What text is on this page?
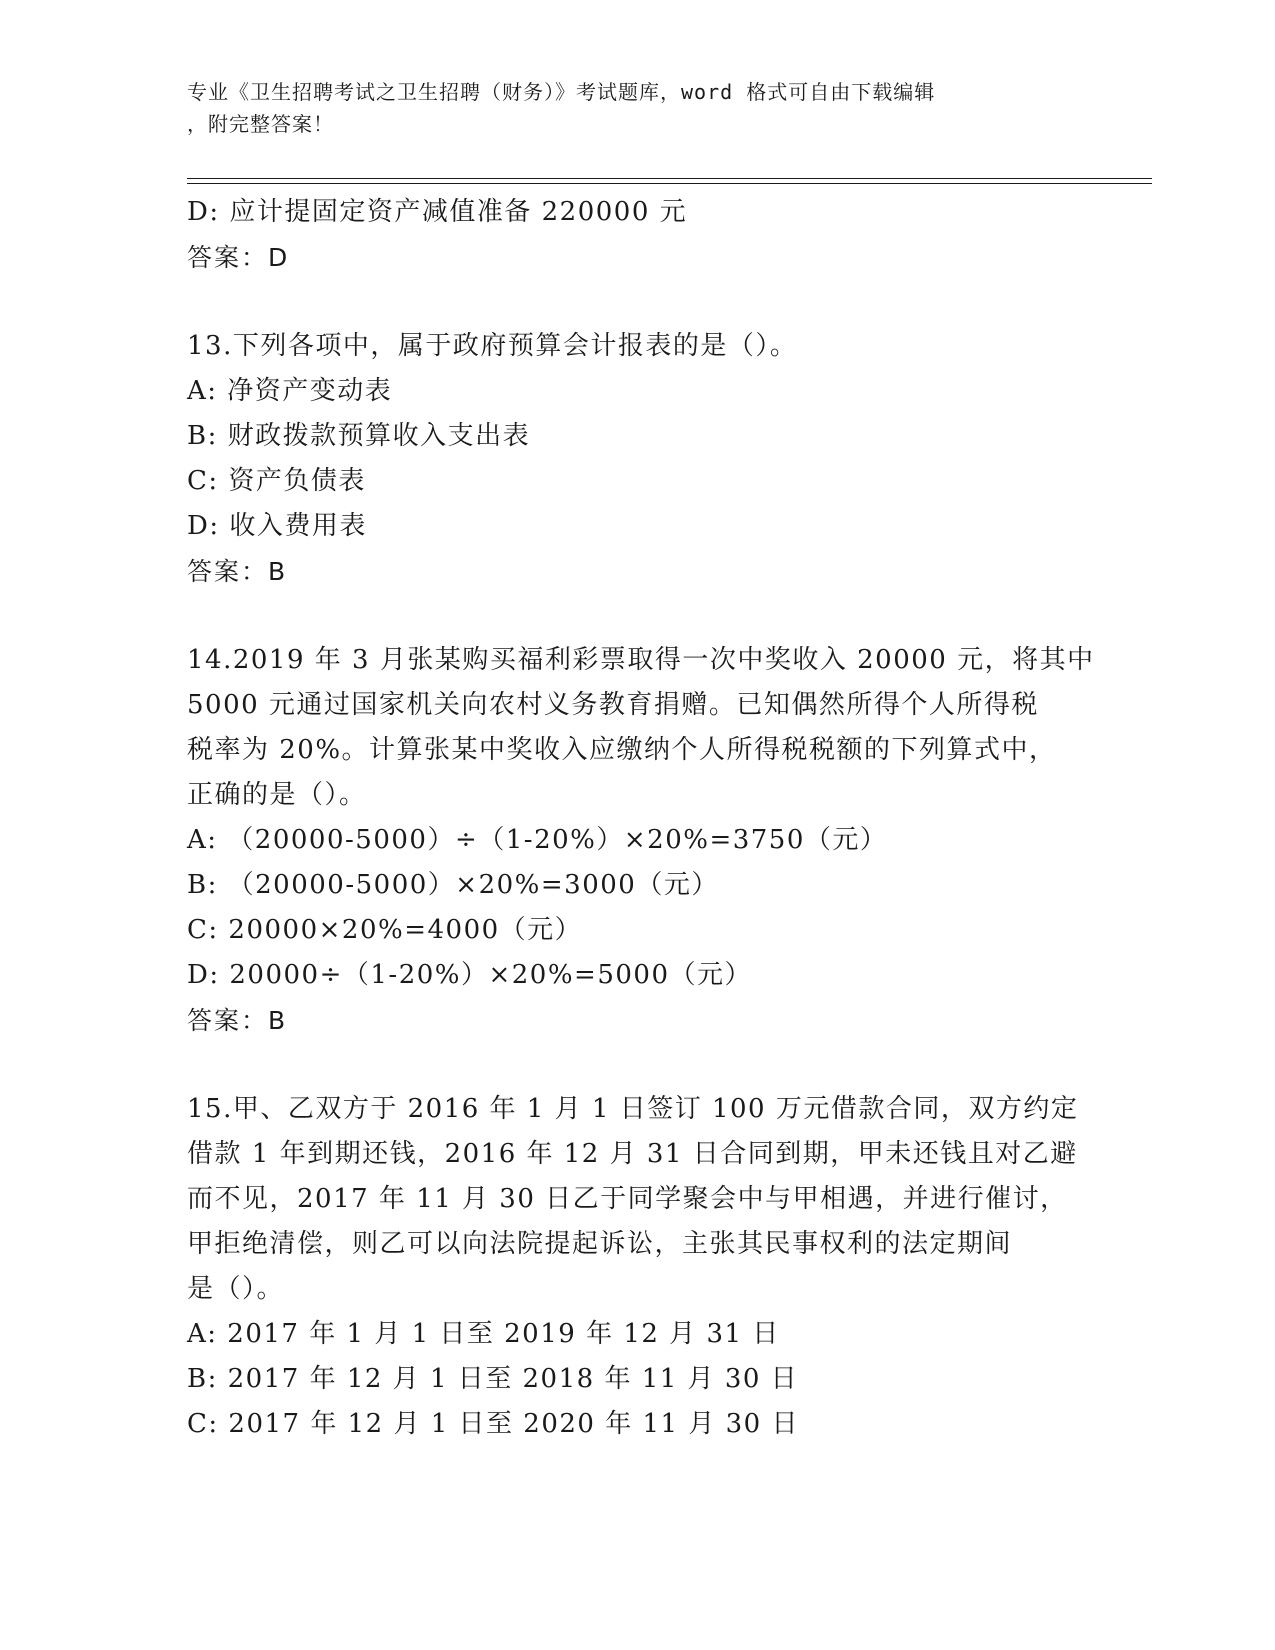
专业《卫生招聘考试之卫生招聘（财务）》考试题库，word 格式可自由下载编辑
，附完整答案！
D: 应计提固定资产减值准备 220000 元
答案：D
13.下列各项中，属于政府预算会计报表的是（）。
A: 净资产变动表
B: 财政拨款预算收入支出表
C: 资产负债表
D: 收入费用表
答案：B
14.2019 年 3 月张某购买福利彩票取得一次中奖收入 20000 元，将其中
5000 元通过国家机关向农村义务教育捐赠。已知偶然所得个人所得税
税率为 20%。计算张某中奖收入应缴纳个人所得税税额的下列算式中，
正确的是（）。
A: （20000-5000）÷（1-20%）×20%=3750（元）
B: （20000-5000）×20%=3000（元）
C: 20000×20%=4000（元）
D: 20000÷（1-20%）×20%=5000（元）
答案：B
15.甲、乙双方于 2016 年 1 月 1 日签订 100 万元借款合同，双方约定
借款 1 年到期还钱，2016 年 12 月 31 日合同到期，甲未还钱且对乙避
而不见，2017 年 11 月 30 日乙于同学聚会中与甲相遇，并进行催讨，
甲拒绝清偿，则乙可以向法院提起诉讼，主张其民事权利的法定期间
是（）。
A: 2017 年 1 月 1 日至 2019 年 12 月 31 日
B: 2017 年 12 月 1 日至 2018 年 11 月 30 日
C: 2017 年 12 月 1 日至 2020 年 11 月 30 日
